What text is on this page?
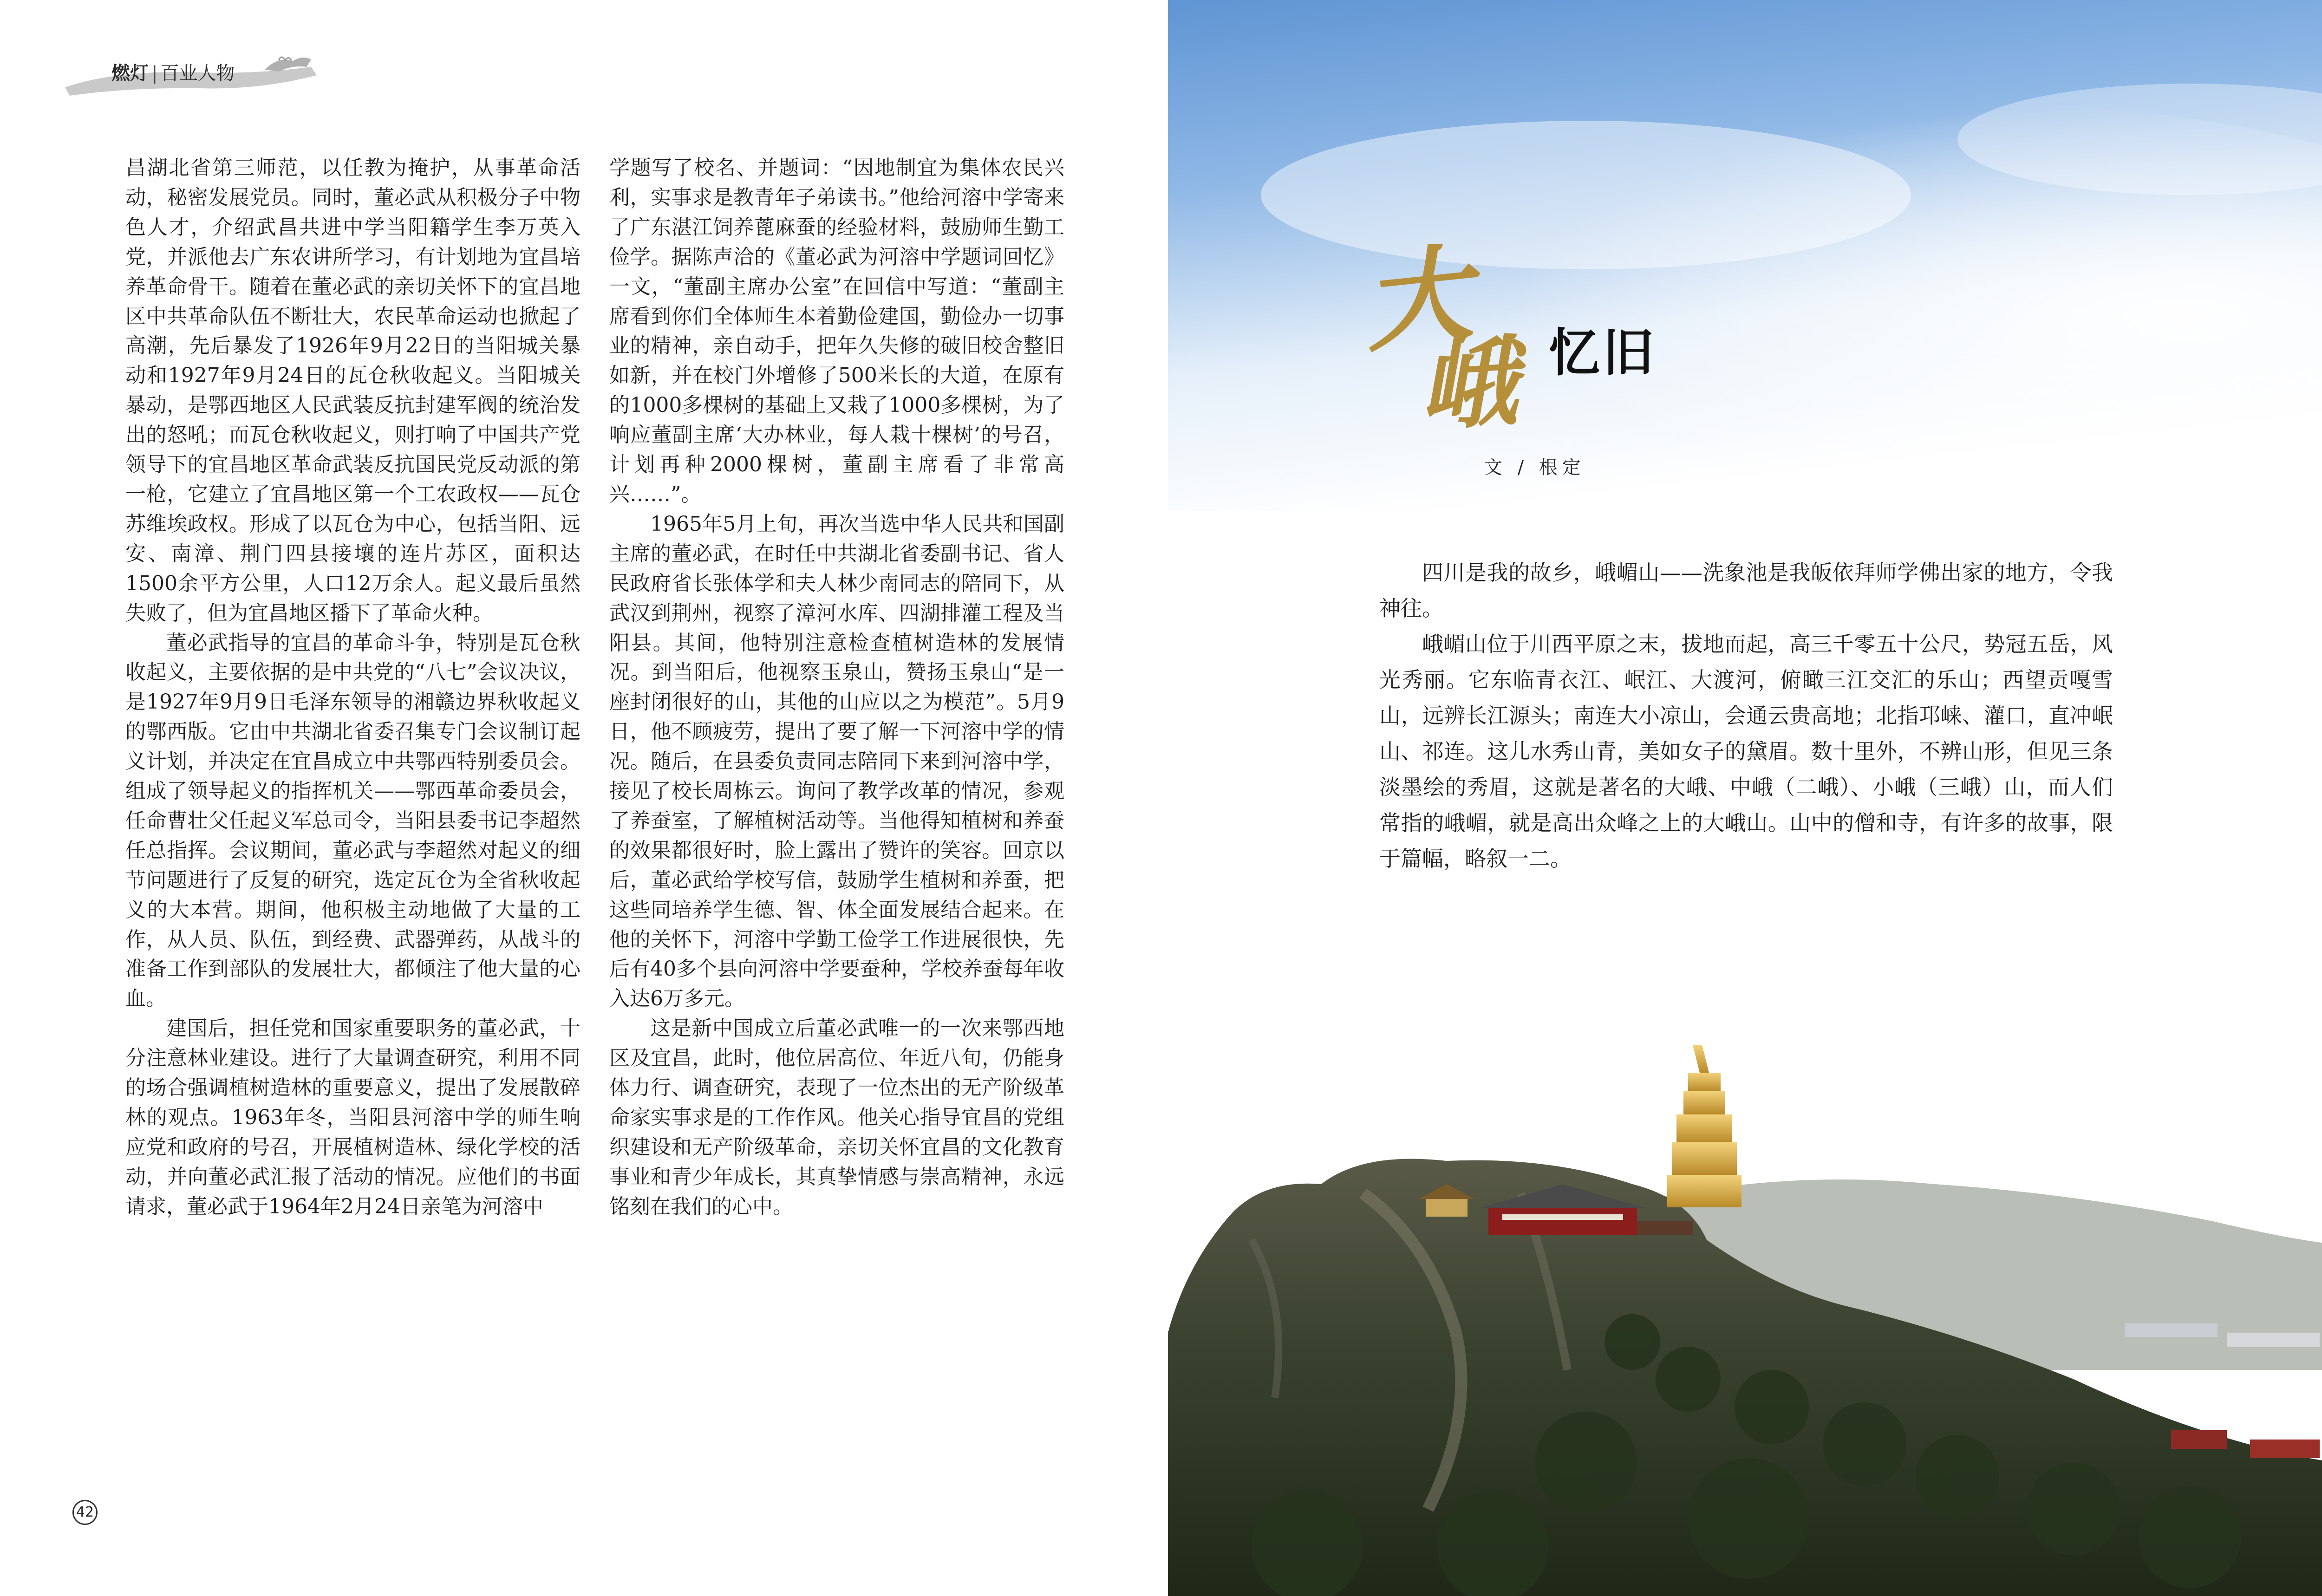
燃灯 | 百业人物

昌湖北省第三师范，以任教为掩护，从事革命活动，秘密发展党员。同时，董必武从积极分子中物色人才，介绍武昌共进中学当阳籍学生李万英入党，并派他去广东农讲所学习，有计划地为宜昌培养革命骨干。随着在董必武的亲切关怀下的宜昌地区中共革命队伍不断壮大，农民革命运动也掀起了高潮，先后暴发了1926年9月22日的当阳城关暴动和1927年9月24日的瓦仓秋收起义。当阳城关暴动，是鄂西地区人民武装反抗封建军阀的统治发出的怒吼；而瓦仓秋收起义，则打响了中国共产党领导下的宜昌地区革命武装反抗国民党反动派的第一枪，它建立了宜昌地区第一个工农政权——瓦仓苏维埃政权。形成了以瓦仓为中心，包括当阳、远安、南漳、荆门四县接壤的连片苏区，面积达1500余平方公里，人口12万余人。起义最后虽然失败了，但为宜昌地区播下了革命火种。

董必武指导的宜昌的革命斗争，特别是瓦仓秋收起义，主要依据的是中共党的“八七”会议决议，是1927年9月9日毛泽东领导的湘赣边界秋收起义的鄂西版。它由中共湖北省委召集专门会议制订起义计划，并决定在宜昌成立中共鄂西特别委员会。组成了领导起义的指挥机关——鄂西革命委员会，任命曹壮父任起义军总司令，当阳县委书记李超然任总指挥。会议期间，董必武与李超然对起义的细节问题进行了反复的研究，选定瓦仓为全省秋收起义的大本营。期间，他积极主动地做了大量的工作，从人员、队伍，到经费、武器弹药，从战斗的准备工作到部队的发展壮大，都倾注了他大量的心血。

建国后，担任党和国家重要职务的董必武，十分注意林业建设。进行了大量调查研究，利用不同的场合强调植树造林的重要意义，提出了发展散碎林的观点。1963年冬，当阳县河溶中学的师生响应党和政府的号召，开展植树造林、绿化学校的活动，并向董必武汇报了活动的情况。应他们的书面请求，董必武于1964年2月24日亲笔为河溶中

学题写了校名、并题词：“因地制宜为集体农民兴利，实事求是教青年子弟读书。”他给河溶中学寄来了广东湛江饲养蓖麻蚕的经验材料，鼓励师生勤工俭学。据陈声洽的《董必武为河溶中学题词回忆》一文，“董副主席办公室”在回信中写道：“董副主席看到你们全体师生本着勤俭建国，勤俭办一切事业的精神，亲自动手，把年久失修的破旧校舍整旧如新，并在校门外增修了500米长的大道，在原有的1000多棵树的基础上又栽了1000多棵树，为了响应董副主席‘大办林业，每人栽十棵树’的号召，计划再种2000棵树，董副主席看了非常高兴……”。

1965年5月上旬，再次当选中华人民共和国副主席的董必武，在时任中共湖北省委副书记、省人民政府省长张体学和夫人林少南同志的陪同下，从武汉到荆州，视察了漳河水库、四湖排灌工程及当阳县。其间，他特别注意检查植树造林的发展情况。到当阳后，他视察玉泉山，赞扬玉泉山“是一座封闭很好的山，其他的山应以之为模范”。5月9日，他不顾疲劳，提出了要了解一下河溶中学的情况。随后，在县委负责同志陪同下来到河溶中学，接见了校长周栋云。询问了教学改革的情况，参观了养蚕室，了解植树活动等。当他得知植树和养蚕的效果都很好时，脸上露出了赞许的笑容。回京以后，董必武给学校写信，鼓励学生植树和养蚕，把这些同培养学生德、智、体全面发展结合起来。在他的关怀下，河溶中学勤工俭学工作进展很快，先后有40多个县向河溶中学要蚕种，学校养蚕每年收入达6万多元。

这是新中国成立后董必武唯一的一次来鄂西地区及宜昌，此时，他位居高位、年近八旬，仍能身体力行、调查研究，表现了一位杰出的无产阶级革命家实事求是的工作作风。他关心指导宜昌的党组织建设和无产阶级革命，亲切关怀宜昌的文化教育事业和青少年成长，其真挚情感与崇高精神，永远铭刻在我们的心中。

42
大
峨 忆旧
文 / 根定

四川是我的故乡，峨嵋山——洗象池是我皈依拜师学佛出家的地方，令我神往。

峨嵋山位于川西平原之末，拔地而起，高三千零五十公尺，势冠五岳，风光秀丽。它东临青衣江、岷江、大渡河，俯瞰三江交汇的乐山；西望贡嘎雪山，远辨长江源头；南连大小凉山，会通云贵高地；北指邛崃、灌口，直冲岷山、祁连。这儿水秀山青，美如女子的黛眉。数十里外，不辨山形，但见三条淡墨绘的秀眉，这就是著名的大峨、中峨（二峨）、小峨（三峨）山，而人们常指的峨嵋，就是高出众峰之上的大峨山。山中的僧和寺，有许多的故事，限于篇幅，略叙一二。
